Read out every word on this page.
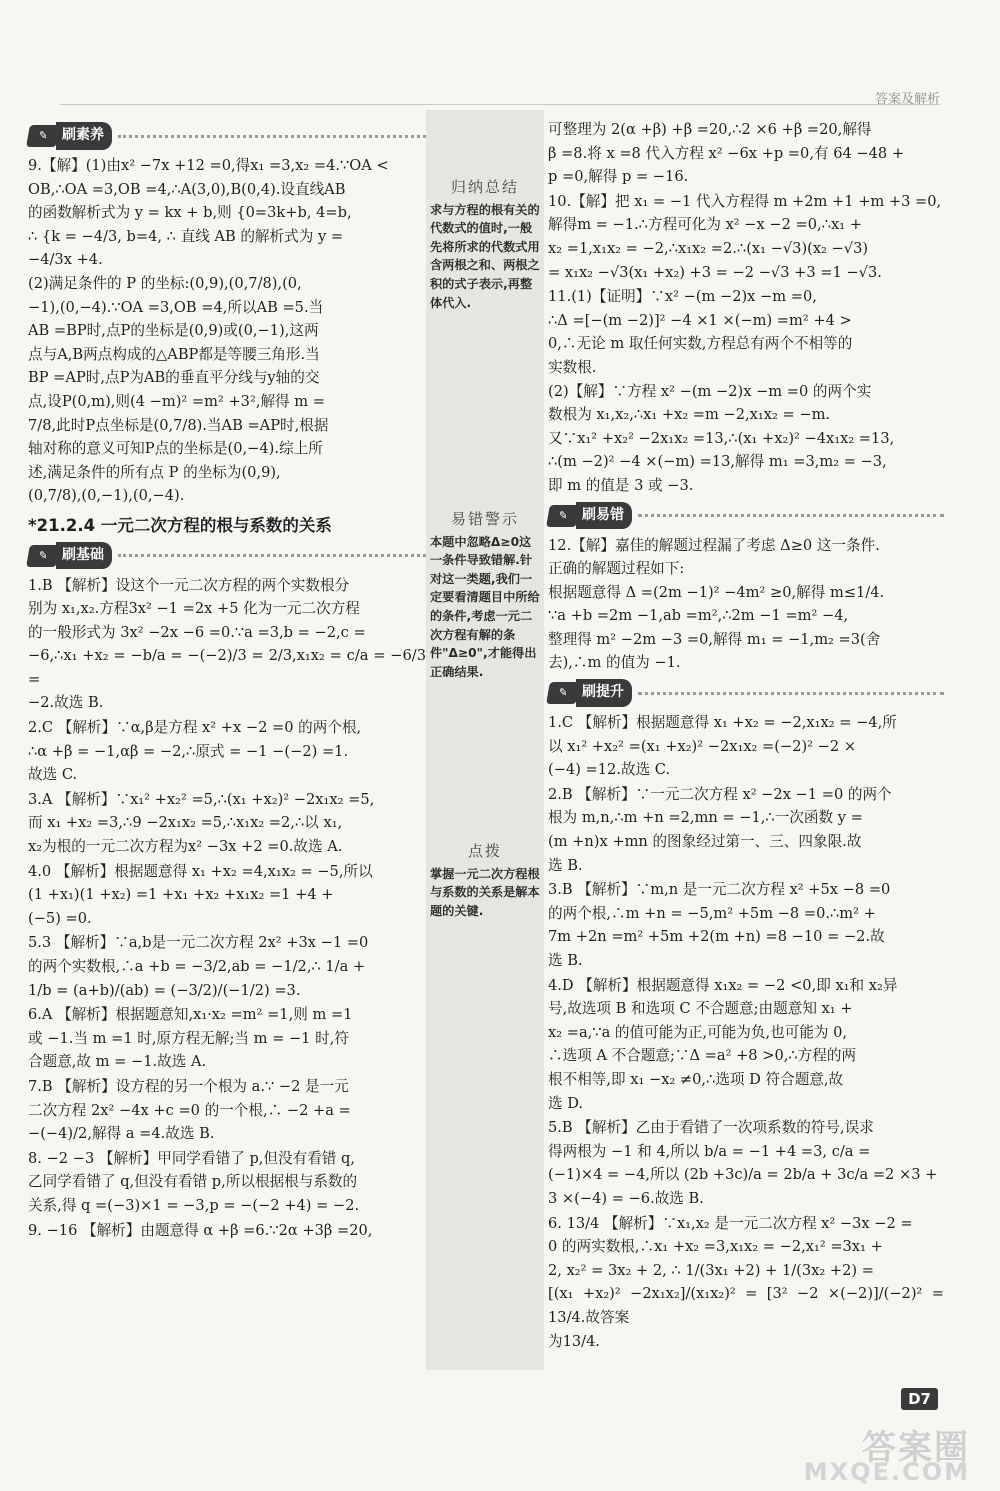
答案及解析
✎ 刷素养
9.【解】(1)由x² −7x +12 =0,得x₁ =3,x₂ =4.∵OA <
OB,∴OA =3,OB =4,∴A(3,0),B(0,4).设直线AB
的函数解析式为 y = kx + b,则 {0=3k+b, 4=b,
∴ {k = −4/3, b=4, ∴ 直线 AB 的解析式为 y =
−4/3x +4.
(2)满足条件的 P 的坐标:(0,9),(0,7/8),(0,
−1),(0,−4).∵OA =3,OB =4,所以AB =5.当
AB =BP时,点P的坐标是(0,9)或(0,−1),这两
点与A,B两点构成的△ABP都是等腰三角形.当
BP =AP时,点P为AB的垂直平分线与y轴的交
点,设P(0,m),则(4 −m)² =m² +3²,解得 m =
7/8,此时P点坐标是(0,7/8).当AB =AP时,根据
轴对称的意义可知P点的坐标是(0,−4).综上所
述,满足条件的所有点 P 的坐标为(0,9),
(0,7/8),(0,−1),(0,−4).
*21.2.4 一元二次方程的根与系数的关系
✎ 刷基础
1.B 【解析】设这个一元二次方程的两个实数根分
别为 x₁,x₂.方程3x² −1 =2x +5 化为一元二次方程
的一般形式为 3x² −2x −6 =0.∵a =3,b = −2,c =
−6,∴x₁ +x₂ = −b/a = −(−2)/3 = 2/3,x₁x₂ = c/a = −6/3 =
−2.故选 B.
2.C 【解析】∵α,β是方程 x² +x −2 =0 的两个根,
∴α +β = −1,αβ = −2,∴原式 = −1 −(−2) =1.
故选 C.
3.A 【解析】∵x₁² +x₂² =5,∴(x₁ +x₂)² −2x₁x₂ =5,
而 x₁ +x₂ =3,∴9 −2x₁x₂ =5,∴x₁x₂ =2,∴以 x₁,
x₂为根的一元二次方程为x² −3x +2 =0.故选 A.
4.0 【解析】根据题意得 x₁ +x₂ =4,x₁x₂ = −5,所以
(1 +x₁)(1 +x₂) =1 +x₁ +x₂ +x₁x₂ =1 +4 +
(−5) =0.
5.3 【解析】∵a,b是一元二次方程 2x² +3x −1 =0
的两个实数根,∴a +b = −3/2,ab = −1/2,∴ 1/a +
1/b = (a+b)/(ab) = (−3/2)/(−1/2) =3.
6.A 【解析】根据题意知,x₁·x₂ =m² =1,则 m =1
或 −1.当 m =1 时,原方程无解;当 m = −1 时,符
合题意,故 m = −1.故选 A.
7.B 【解析】设方程的另一个根为 a.∵ −2 是一元
二次方程 2x² −4x +c =0 的一个根,∴ −2 +a =
−(−4)/2,解得 a =4.故选 B.
8. −2 −3 【解析】甲同学看错了 p,但没有看错 q,
乙同学看错了 q,但没有看错 p,所以根据根与系数的
关系,得 q =(−3)×1 = −3,p = −(−2 +4) = −2.
9. −16 【解析】由题意得 α +β =6.∵2α +3β =20,
归纳总结
求与方程的根有关的代数式的值时,一般先将所求的代数式用含两根之和、两根之积的式子表示,再整体代入.
易错警示
本题中忽略Δ≥0这一条件导致错解.针对这一类题,我们一定要看清题目中所给的条件,考虑一元二次方程有解的条件"Δ≥0",才能得出正确结果.
点拨
掌握一元二次方程根与系数的关系是解本题的关键.
可整理为 2(α +β) +β =20,∴2 ×6 +β =20,解得
β =8.将 x =8 代入方程 x² −6x +p =0,有 64 −48 +
p =0,解得 p = −16.
10.【解】把 x₁ = −1 代入方程得 m +2m +1 +m +3 =0,
解得m = −1.∴方程可化为 x² −x −2 =0,∴x₁ +
x₂ =1,x₁x₂ = −2,∴x₁x₂ =2.∴(x₁ −√3)(x₂ −√3)
= x₁x₂ −√3(x₁ +x₂) +3 = −2 −√3 +3 =1 −√3.
11.(1)【证明】∵x² −(m −2)x −m =0,
∴Δ =[−(m −2)]² −4 ×1 ×(−m) =m² +4 >
0,∴无论 m 取任何实数,方程总有两个不相等的
实数根.
(2)【解】∵方程 x² −(m −2)x −m =0 的两个实
数根为 x₁,x₂,∴x₁ +x₂ =m −2,x₁x₂ = −m.
又∵x₁² +x₂² −2x₁x₂ =13,∴(x₁ +x₂)² −4x₁x₂ =13,
∴(m −2)² −4 ×(−m) =13,解得 m₁ =3,m₂ = −3,
即 m 的值是 3 或 −3.
✎ 刷易错
12.【解】嘉佳的解题过程漏了考虑 Δ≥0 这一条件.
正确的解题过程如下:
根据题意得 Δ =(2m −1)² −4m² ≥0,解得 m≤1/4.
∵a +b =2m −1,ab =m²,∴2m −1 =m² −4,
整理得 m² −2m −3 =0,解得 m₁ = −1,m₂ =3(舍
去),∴m 的值为 −1.
✎ 刷提升
1.C 【解析】根据题意得 x₁ +x₂ = −2,x₁x₂ = −4,所
以 x₁² +x₂² =(x₁ +x₂)² −2x₁x₂ =(−2)² −2 ×
(−4) =12.故选 C.
2.B 【解析】∵一元二次方程 x² −2x −1 =0 的两个
根为 m,n,∴m +n =2,mn = −1,∴一次函数 y =
(m +n)x +mn 的图象经过第一、三、四象限.故
选 B.
3.B 【解析】∵m,n 是一元二次方程 x² +5x −8 =0
的两个根,∴m +n = −5,m² +5m −8 =0.∴m² +
7m +2n =m² +5m +2(m +n) =8 −10 = −2.故
选 B.
4.D 【解析】根据题意得 x₁x₂ = −2 <0,即 x₁和 x₂异
号,故选项 B 和选项 C 不合题意;由题意知 x₁ +
x₂ =a,∵a 的值可能为正,可能为负,也可能为 0,
∴选项 A 不合题意;∵Δ =a² +8 >0,∴方程的两
根不相等,即 x₁ −x₂ ≠0,∴选项 D 符合题意,故
选 D.
5.B 【解析】乙由于看错了一次项系数的符号,误求
得两根为 −1 和 4,所以 b/a = −1 +4 =3, c/a =
(−1)×4 = −4,所以 (2b +3c)/a = 2b/a + 3c/a =2 ×3 +
3 ×(−4) = −6.故选 B.
6. 13/4 【解析】∵x₁,x₂ 是一元二次方程 x² −3x −2 =
0 的两实数根,∴x₁ +x₂ =3,x₁x₂ = −2,x₁² =3x₁ +
2, x₂² = 3x₂ + 2, ∴ 1/(3x₁ +2) + 1/(3x₂ +2) =
[(x₁ +x₂)² −2x₁x₂]/(x₁x₂)² = [3² −2 ×(−2)]/(−2)² = 13/4.故答案
为13/4.
D7
答案圈
MXQE.COM
